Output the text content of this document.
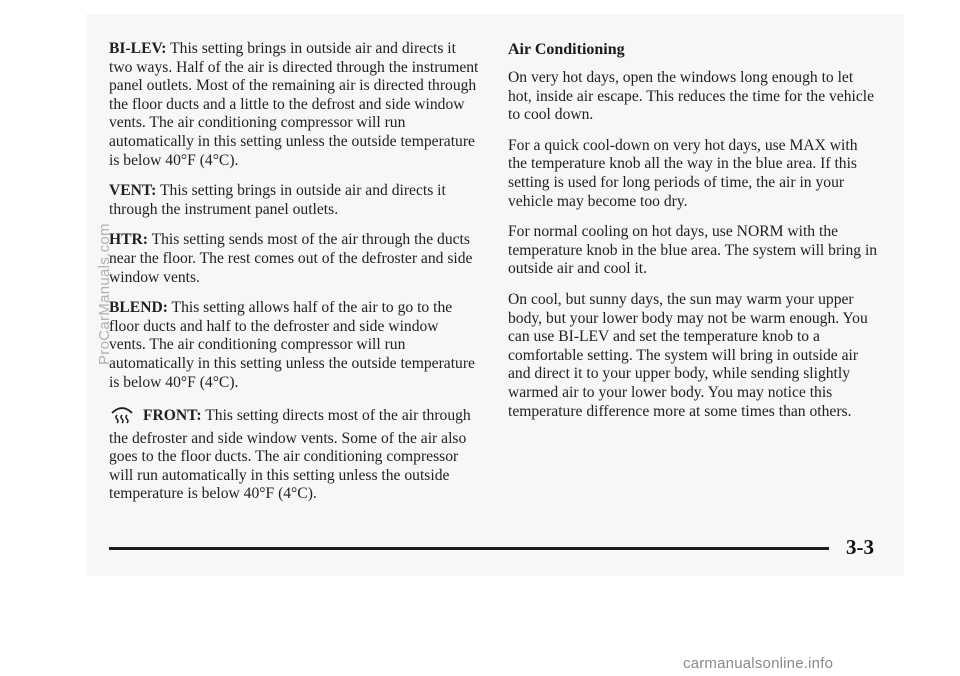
BI-LEV: This setting brings in outside air and directs it two ways. Half of the air is directed through the instrument panel outlets. Most of the remaining air is directed through the floor ducts and a little to the defrost and side window vents. The air conditioning compressor will run automatically in this setting unless the outside temperature is below 40°F (4°C).

VENT: This setting brings in outside air and directs it through the instrument panel outlets.

HTR: This setting sends most of the air through the ducts near the floor. The rest comes out of the defroster and side window vents.

BLEND: This setting allows half of the air to go to the floor ducts and half to the defroster and side window vents. The air conditioning compressor will run automatically in this setting unless the outside temperature is below 40°F (4°C).

FRONT: This setting directs most of the air through the defroster and side window vents. Some of the air also goes to the floor ducts. The air conditioning compressor will run automatically in this setting unless the outside temperature is below 40°F (4°C).

Air Conditioning

On very hot days, open the windows long enough to let hot, inside air escape. This reduces the time for the vehicle to cool down.

For a quick cool-down on very hot days, use MAX with the temperature knob all the way in the blue area. If this setting is used for long periods of time, the air in your vehicle may become too dry.

For normal cooling on hot days, use NORM with the temperature knob in the blue area. The system will bring in outside air and cool it.

On cool, but sunny days, the sun may warm your upper body, but your lower body may not be warm enough. You can use BI-LEV and set the temperature knob to a comfortable setting. The system will bring in outside air and direct it to your upper body, while sending slightly warmed air to your lower body. You may notice this temperature difference more at some times than others.

3-3
ProCarManuals.com
carmanualsonline.info
